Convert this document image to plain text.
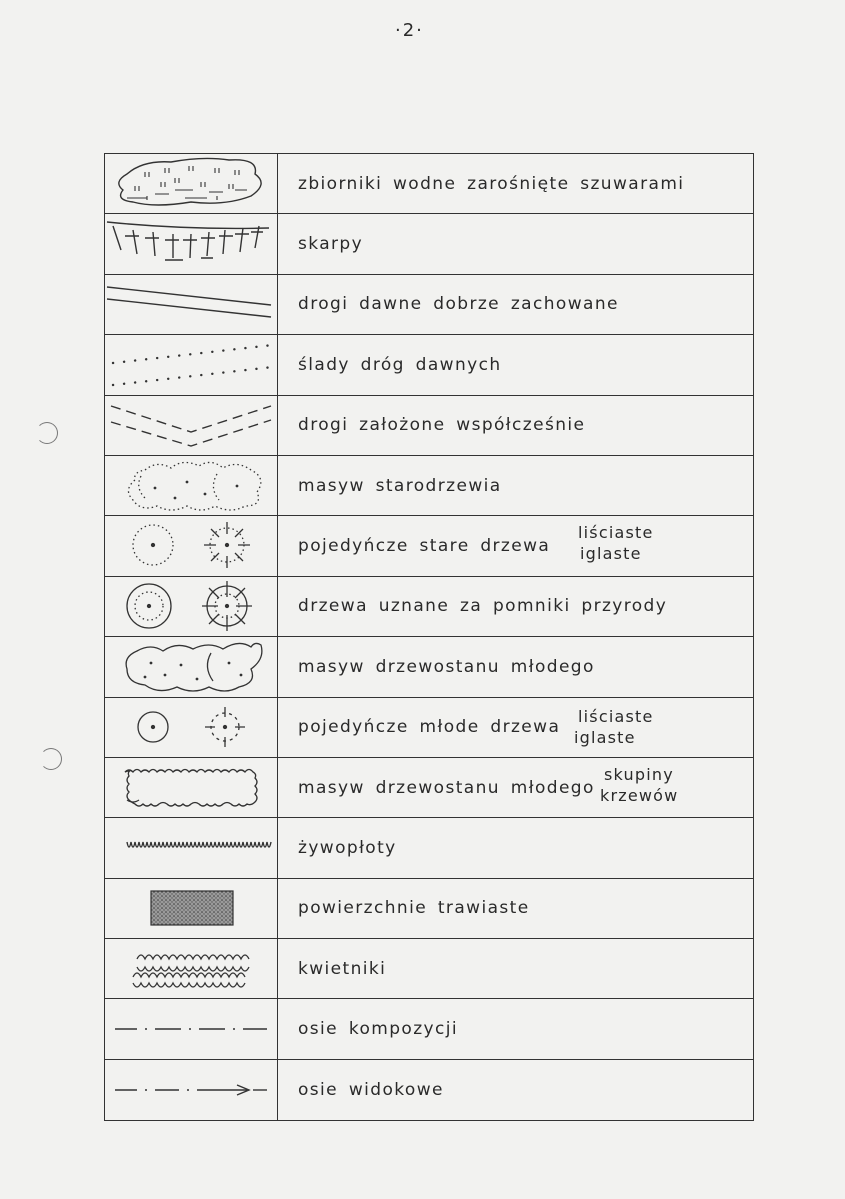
·2·
zbiorniki wodne zarośnięte szuwarami
skarpy
drogi dawne dobrze zachowane
ślady dróg dawnych
drogi założone współcześnie
masyw starodrzewia
pojedyńcze stare drzewa
liściaste
iglaste
drzewa uznane za pomniki przyrody
masyw drzewostanu młodego
pojedyńcze młode drzewa
liściaste
iglaste
masyw drzewostanu młodego
skupiny
krzewów
żywopłoty
powierzchnie trawiaste
kwietniki
osie kompozycji
osie widokowe
